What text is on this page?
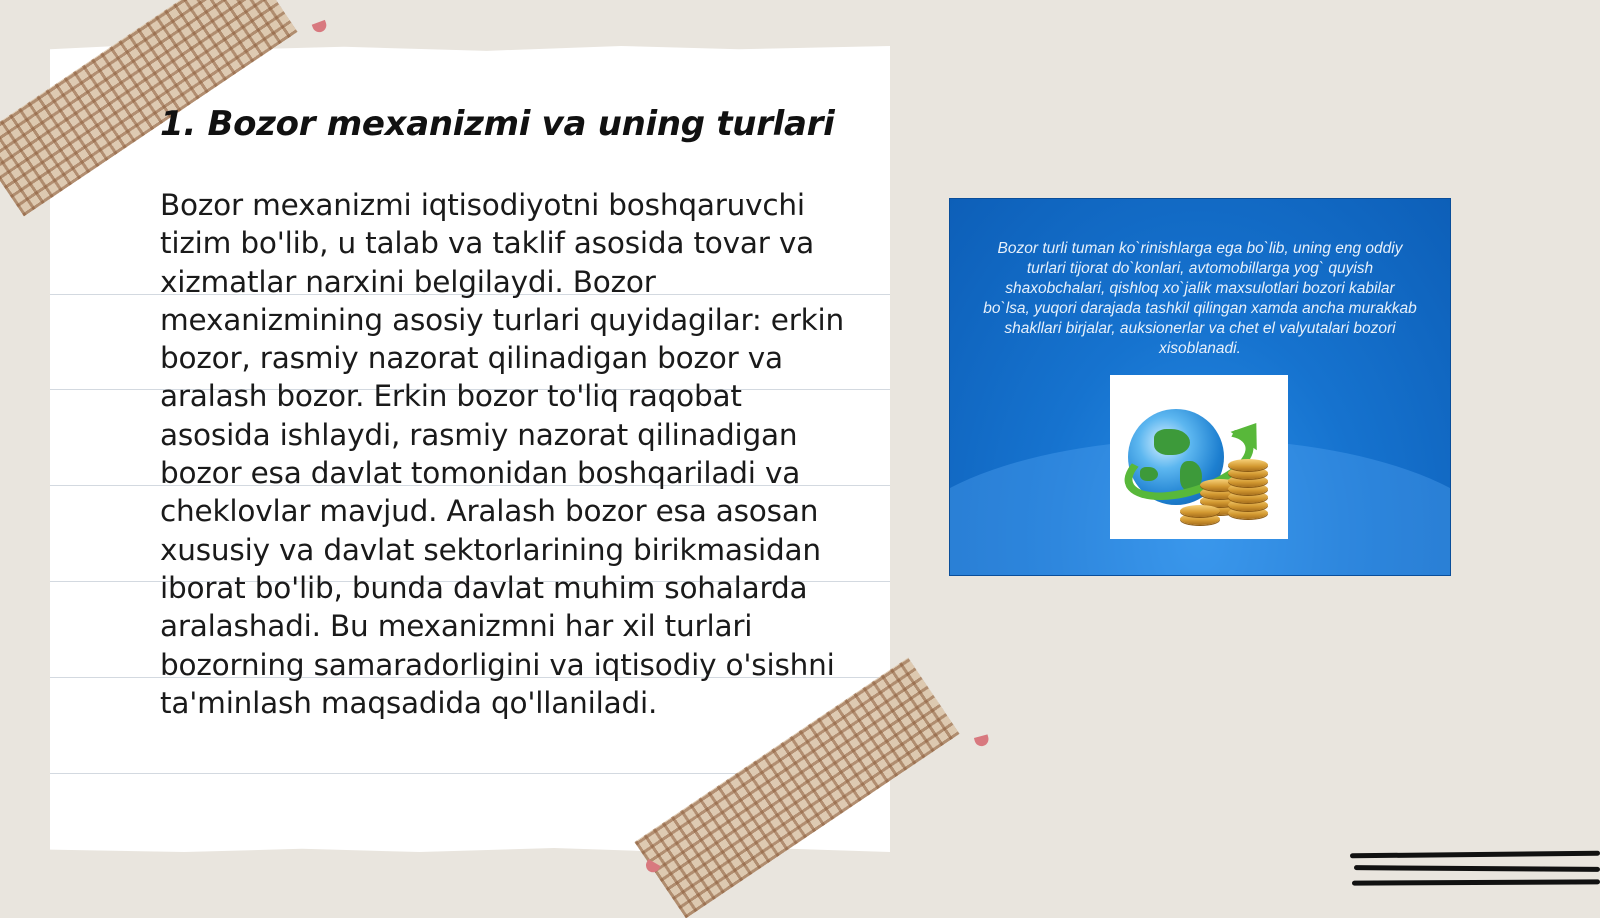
1. Bozor mexanizmi va uning turlari
Bozor mexanizmi iqtisodiyotni boshqaruvchi tizim bo'lib, u talab va taklif asosida tovar va xizmatlar narxini belgilaydi. Bozor mexanizmining asosiy turlari quyidagilar: erkin bozor, rasmiy nazorat qilinadigan bozor va aralash bozor. Erkin bozor to'liq raqobat asosida ishlaydi, rasmiy nazorat qilinadigan bozor esa davlat tomonidan boshqariladi va cheklovlar mavjud. Aralash bozor esa asosan xususiy va davlat sektorlarining birikmasidan iborat bo'lib, bunda davlat muhim sohalarda aralashadi. Bu mexanizmni har xil turlari bozorning samaradorligini va iqtisodiy o'sishni ta'minlash maqsadida qo'llaniladi.
Bozor turli tuman ko`rinishlarga ega bo`lib, uning eng oddiy turlari tijorat do`konlari, avtomobillarga yog` quyish shaxobchalari, qishloq xo`jalik maxsulotlari bozori kabilar bo`lsa, yuqori darajada tashkil qilingan xamda ancha murakkab shakllari birjalar, auksionerlar va chet el valyutalari bozori xisoblanadi.
